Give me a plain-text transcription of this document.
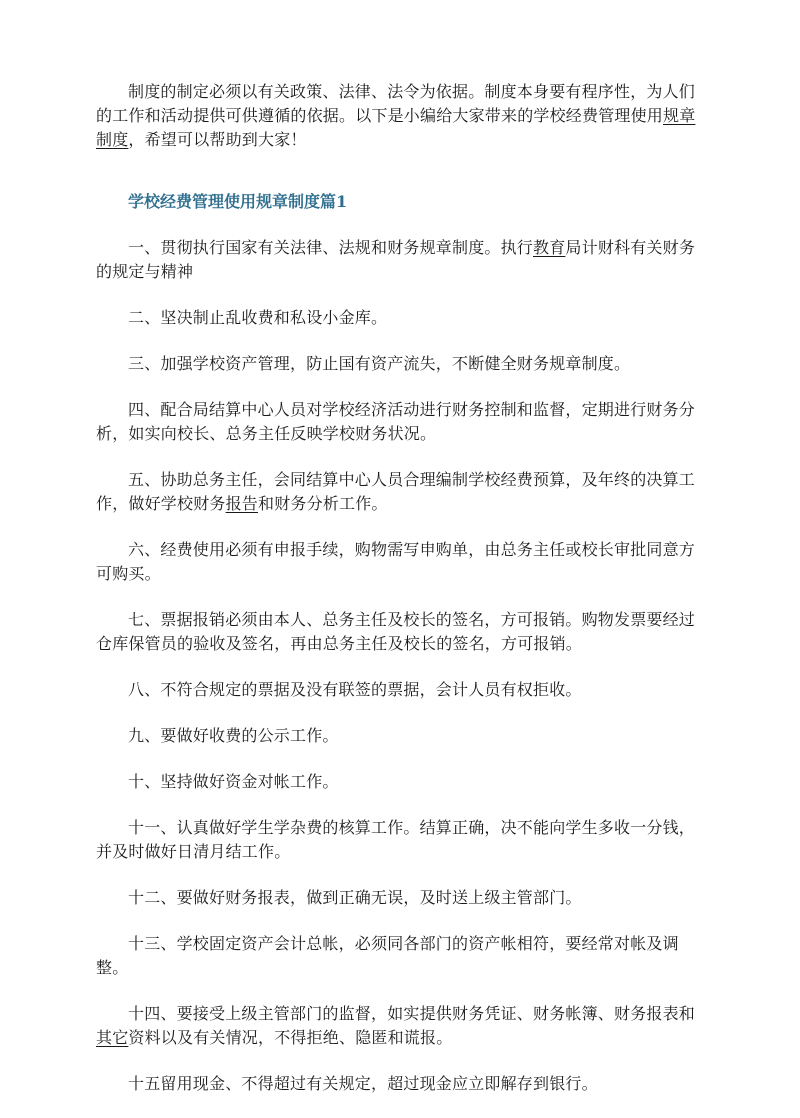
制度的制定必须以有关政策、法律、法令为依据。制度本身要有程序性，为人们的工作和活动提供可供遵循的依据。以下是小编给大家带来的学校经费管理使用规章制度，希望可以帮助到大家！

学校经费管理使用规章制度篇1

一、贯彻执行国家有关法律、法规和财务规章制度。执行教育局计财科有关财务的规定与精神

二、坚决制止乱收费和私设小金库。

三、加强学校资产管理，防止国有资产流失，不断健全财务规章制度。

四、配合局结算中心人员对学校经济活动进行财务控制和监督，定期进行财务分析，如实向校长、总务主任反映学校财务状况。

五、协助总务主任，会同结算中心人员合理编制学校经费预算，及年终的决算工作，做好学校财务报告和财务分析工作。

六、经费使用必须有申报手续，购物需写申购单，由总务主任或校长审批同意方可购买。

七、票据报销必须由本人、总务主任及校长的签名，方可报销。购物发票要经过仓库保管员的验收及签名，再由总务主任及校长的签名，方可报销。

八、不符合规定的票据及没有联签的票据，会计人员有权拒收。

九、要做好收费的公示工作。

十、坚持做好资金对帐工作。

十一、认真做好学生学杂费的核算工作。结算正确，决不能向学生多收一分钱，并及时做好日清月结工作。

十二、要做好财务报表，做到正确无误，及时送上级主管部门。

十三、学校固定资产会计总帐，必须同各部门的资产帐相符，要经常对帐及调整。

十四、要接受上级主管部门的监督，如实提供财务凭证、财务帐簿、财务报表和其它资料以及有关情况，不得拒绝、隐匿和谎报。

十五留用现金、不得超过有关规定，超过现金应立即解存到银行。
